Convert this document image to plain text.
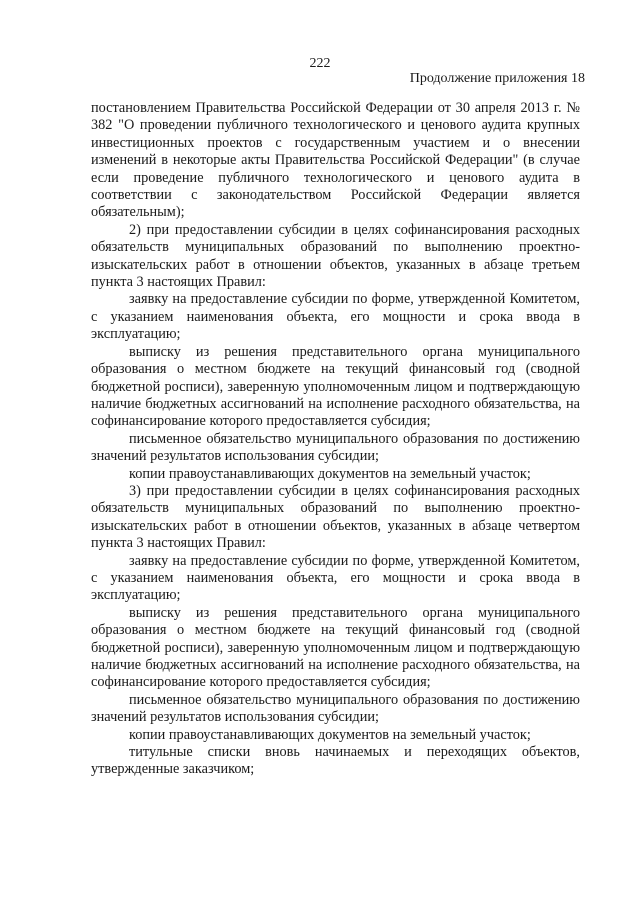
222
Продолжение приложения 18

постановлением Правительства Российской Федерации от 30 апреля 2013 г. № 382 "О проведении публичного технологического и ценового аудита крупных инвестиционных проектов с государственным участием и о внесении изменений в некоторые акты Правительства Российской Федерации" (в случае если проведение публичного технологического и ценового аудита в соответствии с законодательством Российской Федерации является обязательным);

2) при предоставлении субсидии в целях софинансирования расходных обязательств муниципальных образований по выполнению проектно-изыскательских работ в отношении объектов, указанных в абзаце третьем пункта 3 настоящих Правил:

заявку на предоставление субсидии по форме, утвержденной Комитетом, с указанием наименования объекта, его мощности и срока ввода в эксплуатацию;

выписку из решения представительного органа муниципального образования о местном бюджете на текущий финансовый год (сводной бюджетной росписи), заверенную уполномоченным лицом и подтверждающую наличие бюджетных ассигнований на исполнение расходного обязательства, на софинансирование которого предоставляется субсидия;

письменное обязательство муниципального образования по достижению значений результатов использования субсидии;

копии правоустанавливающих документов на земельный участок;

3) при предоставлении субсидии в целях софинансирования расходных обязательств муниципальных образований по выполнению проектно-изыскательских работ в отношении объектов, указанных в абзаце четвертом пункта 3 настоящих Правил:

заявку на предоставление субсидии по форме, утвержденной Комитетом, с указанием наименования объекта, его мощности и срока ввода в эксплуатацию;

выписку из решения представительного органа муниципального образования о местном бюджете на текущий финансовый год (сводной бюджетной росписи), заверенную уполномоченным лицом и подтверждающую наличие бюджетных ассигнований на исполнение расходного обязательства, на софинансирование которого предоставляется субсидия;

письменное обязательство муниципального образования по достижению значений результатов использования субсидии;

копии правоустанавливающих документов на земельный участок;

титульные списки вновь начинаемых и переходящих объектов, утвержденные заказчиком;
